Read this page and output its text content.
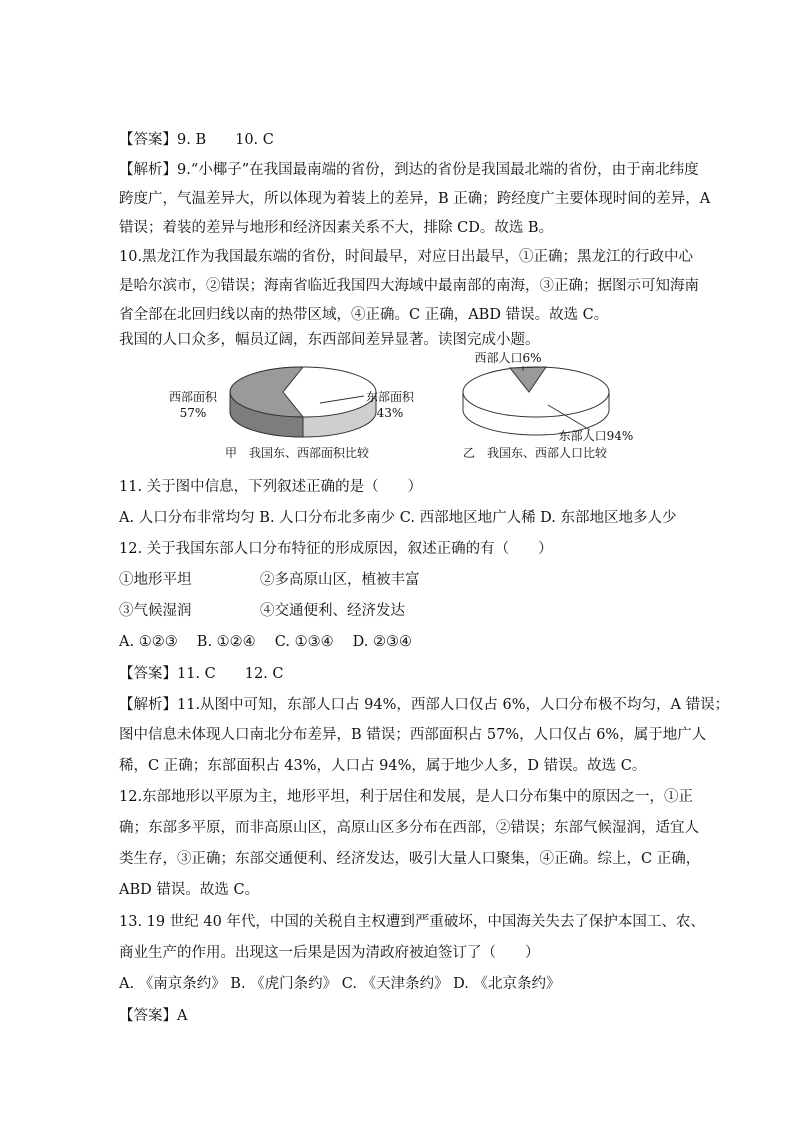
【答案】9. B　　10. C
【解析】9.“小椰子”在我国最南端的省份，到达的省份是我国最北端的省份，由于南北纬度
跨度广，气温差异大，所以体现为着装上的差异，B 正确；跨经度广主要体现时间的差异，A
错误；着装的差异与地形和经济因素关系不大，排除 CD。故选 B。
10.黑龙江作为我国最东端的省份，时间最早，对应日出最早，①正确；黑龙江的行政中心
是哈尔滨市，②错误；海南省临近我国四大海域中最南部的南海，③正确；据图示可知海南
省全部在北回归线以南的热带区域，④正确。C 正确，ABD 错误。故选 C。
我国的人口众多，幅员辽阔，东西部间差异显著。读图完成小题。
西部面积
57%
东部面积
43%
甲　我国东、西部面积比较
西部人口6%
东部人口94%
乙　我国东、西部人口比较
11. 关于图中信息，下列叙述正确的是（　　）
A. 人口分布非常均匀 B. 人口分布北多南少 C. 西部地区地广人稀 D. 东部地区地多人少
12. 关于我国东部人口分布特征的形成原因，叙述正确的有（　　）
①地形平坦	②多高原山区，植被丰富
③气候湿润	④交通便利、经济发达
A. ①②③　 B. ①②④　 C. ①③④　 D. ②③④
【答案】11. C　　12. C
【解析】11.从图中可知，东部人口占 94%，西部人口仅占 6%，人口分布极不均匀，A 错误；
图中信息未体现人口南北分布差异，B 错误；西部面积占 57%，人口仅占 6%，属于地广人
稀，C 正确；东部面积占 43%，人口占 94%，属于地少人多，D 错误。故选 C。
12.东部地形以平原为主，地形平坦，利于居住和发展，是人口分布集中的原因之一，①正
确；东部多平原，而非高原山区，高原山区多分布在西部，②错误；东部气候湿润，适宜人
类生存，③正确；东部交通便利、经济发达，吸引大量人口聚集，④正确。综上，C 正确，
ABD 错误。故选 C。
13. 19 世纪 40 年代，中国的关税自主权遭到严重破坏，中国海关失去了保护本国工、农、
商业生产的作用。出现这一后果是因为清政府被迫签订了（　　）
A. 《南京条约》 B. 《虎门条约》 C. 《天津条约》 D. 《北京条约》
【答案】A
